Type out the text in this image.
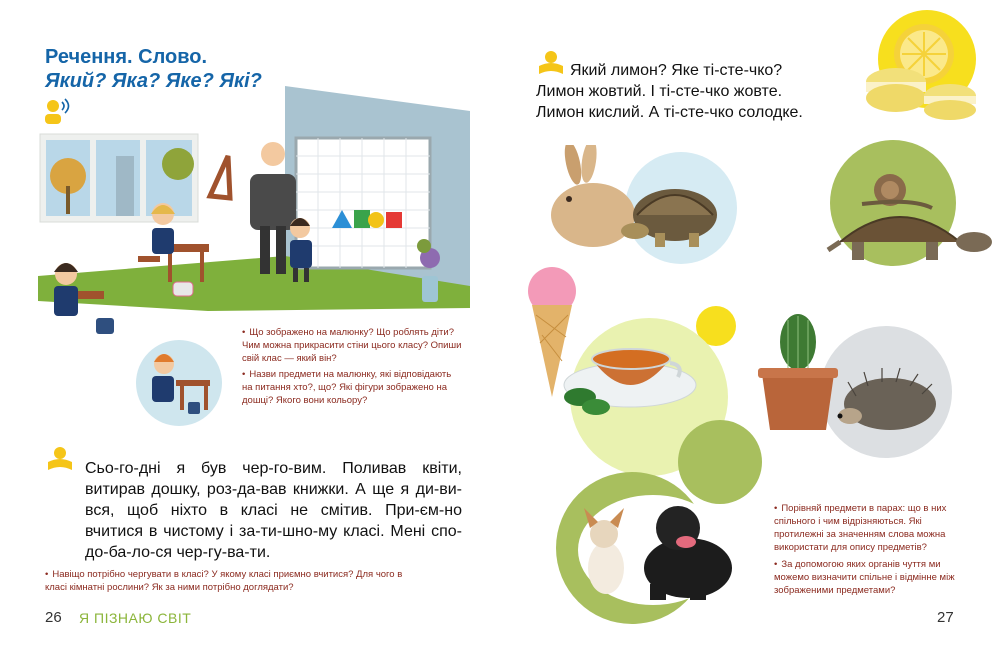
Речення. Слово.
Який? Яка? Яке? Які?
• Що зображено на малюнку? Що роблять діти? Чим можна прикрасити стіни цього класу? Опиши свій клас — який він?
• Назви предмети на малюнку, які відповідають на питання хто?, що? Які фігури зображено на дошці? Якого вони кольору?
Сьо-го-дні я був чер-го-вим. Поливав квіти, витирав дошку, роз-да-вав книжки. А ще я ди-ви-вся, щоб ніхто в класі не смітив. При-єм-но вчитися в чистому і за-ти-шно-му класі. Мені спо-до-ба-ло-ся чер-гу-ва-ти.
• Навіщо потрібно чергувати в класі? У якому класі приємно вчитися? Для чого в класі кімнатні рослини? Як за ними потрібно доглядати?
26 Я ПІЗНАЮ СВІТ
Який лимон? Яке ті-сте-чко?
Лимон жовтий. І ті-сте-чко жовте.
Лимон кислий. А ті-сте-чко солодке.
• Порівняй предмети в парах: що в них спільного і чим відрізняються. Які протилежні за значенням слова можна використати для опису предметів?
• За допомогою яких органів чуття ми можемо визначити спільне і відмінне між зображеними предметами?
27
